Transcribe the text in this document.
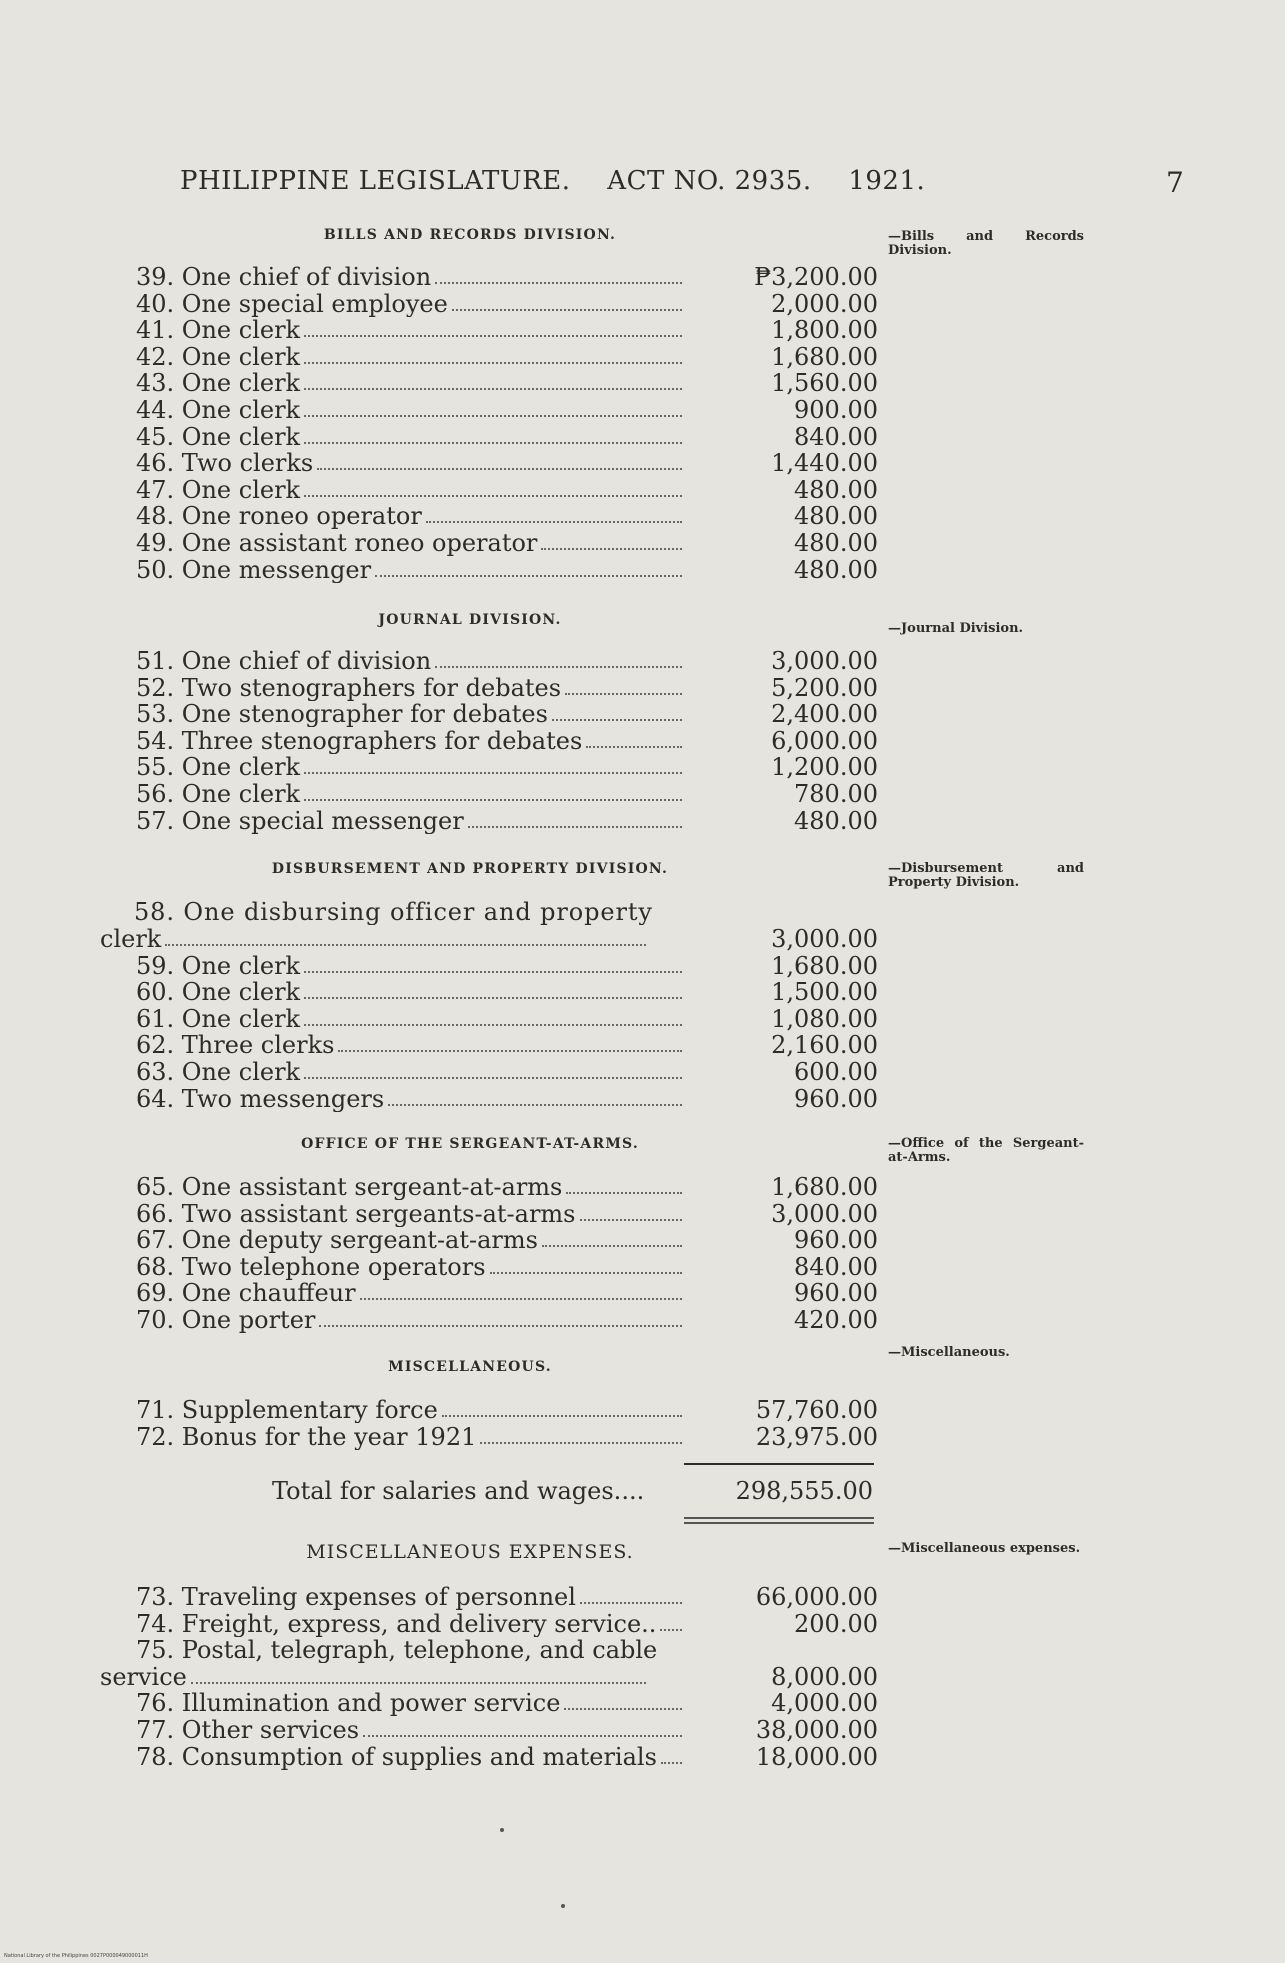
PHILIPPINE LEGISLATURE. ACT NO. 2935. 1921.	7
BILLS AND RECORDS DIVISION.	—Bills and Records Division.
39. One chief of division	₱3,200.00
40. One special employee	2,000.00
41. One clerk	1,800.00
42. One clerk	1,680.00
43. One clerk	1,560.00
44. One clerk	900.00
45. One clerk	840.00
46. Two clerks	1,440.00
47. One clerk	480.00
48. One roneo operator	480.00
49. One assistant roneo operator	480.00
50. One messenger	480.00
JOURNAL DIVISION.
—Journal Division.
51. One chief of division	3,000.00
52. Two stenographers for debates	5,200.00
53. One stenographer for debates	2,400.00
54. Three stenographers for debates	6,000.00
55. One clerk	1,200.00
56. One clerk	780.00
57. One special messenger	480.00
DISBURSEMENT AND PROPERTY DIVISION.	—Disbursement and Property Division.
58. One disbursing officer and property
clerk	3,000.00
59. One clerk	1,680.00
60. One clerk	1,500.00
61. One clerk	1,080.00
62. Three clerks	2,160.00
63. One clerk	600.00
64. Two messengers	960.00
OFFICE OF THE SERGEANT-AT-ARMS.	—Office of the Sergeant-at-Arms.
65. One assistant sergeant-at-arms	1,680.00
66. Two assistant sergeants-at-arms	3,000.00
67. One deputy sergeant-at-arms	960.00
68. Two telephone operators	840.00
69. One chauffeur	960.00
70. One porter	420.00
MISCELLANEOUS.
—Miscellaneous.
71. Supplementary force	57,760.00
72. Bonus for the year 1921	23,975.00
Total for salaries and wages....	298,555.00
MISCELLANEOUS EXPENSES.	—Miscellaneous expenses.
73. Traveling expenses of personnel	66,000.00
74. Freight, express, and delivery service..	200.00
75. Postal, telegraph, telephone, and cable
service	8,000.00
76. Illumination and power service	4,000.00
77. Other services	38,000.00
78. Consumption of supplies and materials	18,000.00
National Library of the Philippines 0027P000049000011H
